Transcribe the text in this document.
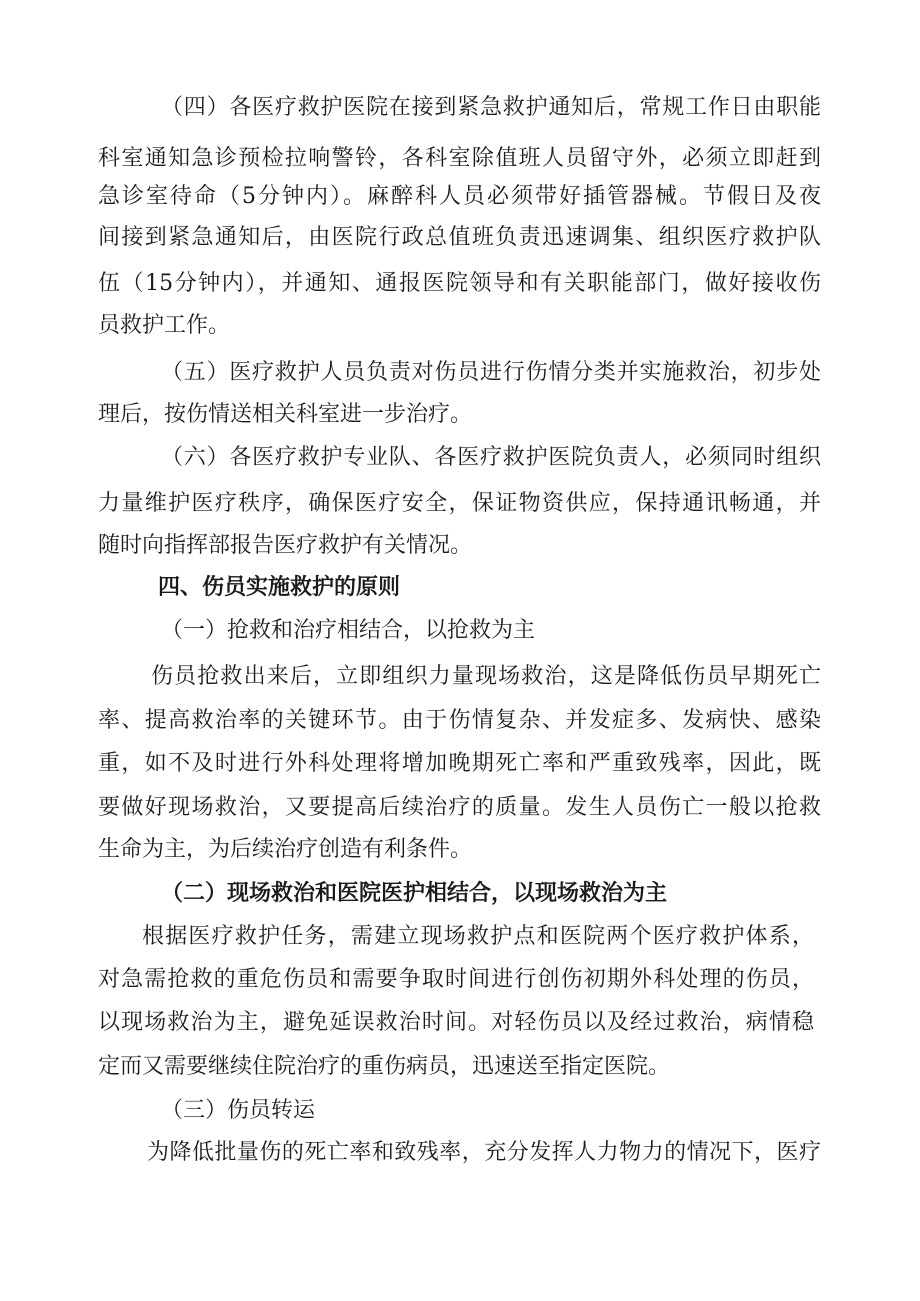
（四）各医疗救护医院在接到紧急救护通知后，常规工作日由职能
科室通知急诊预检拉响警铃，各科室除值班人员留守外，必须立即赶到
急诊室待命（5分钟内）。麻醉科人员必须带好插管器械。节假日及夜
间接到紧急通知后，由医院行政总值班负责迅速调集、组织医疗救护队
伍（15分钟内），并通知、通报医院领导和有关职能部门，做好接收伤
员救护工作。
（五）医疗救护人员负责对伤员进行伤情分类并实施救治，初步处
理后，按伤情送相关科室进一步治疗。
（六）各医疗救护专业队、各医疗救护医院负责人，必须同时组织
力量维护医疗秩序，确保医疗安全，保证物资供应，保持通讯畅通，并
随时向指挥部报告医疗救护有关情况。
四、伤员实施救护的原则
（一）抢救和治疗相结合，以抢救为主
伤员抢救出来后，立即组织力量现场救治，这是降低伤员早期死亡
率、提高救治率的关键环节。由于伤情复杂、并发症多、发病快、感染
重，如不及时进行外科处理将增加晚期死亡率和严重致残率，因此，既
要做好现场救治，又要提高后续治疗的质量。发生人员伤亡一般以抢救
生命为主，为后续治疗创造有利条件。
（二）现场救治和医院医护相结合，以现场救治为主
根据医疗救护任务，需建立现场救护点和医院两个医疗救护体系，
对急需抢救的重危伤员和需要争取时间进行创伤初期外科处理的伤员，
以现场救治为主，避免延误救治时间。对轻伤员以及经过救治，病情稳
定而又需要继续住院治疗的重伤病员，迅速送至指定医院。
（三）伤员转运
为降低批量伤的死亡率和致残率，充分发挥人力物力的情况下，医疗
